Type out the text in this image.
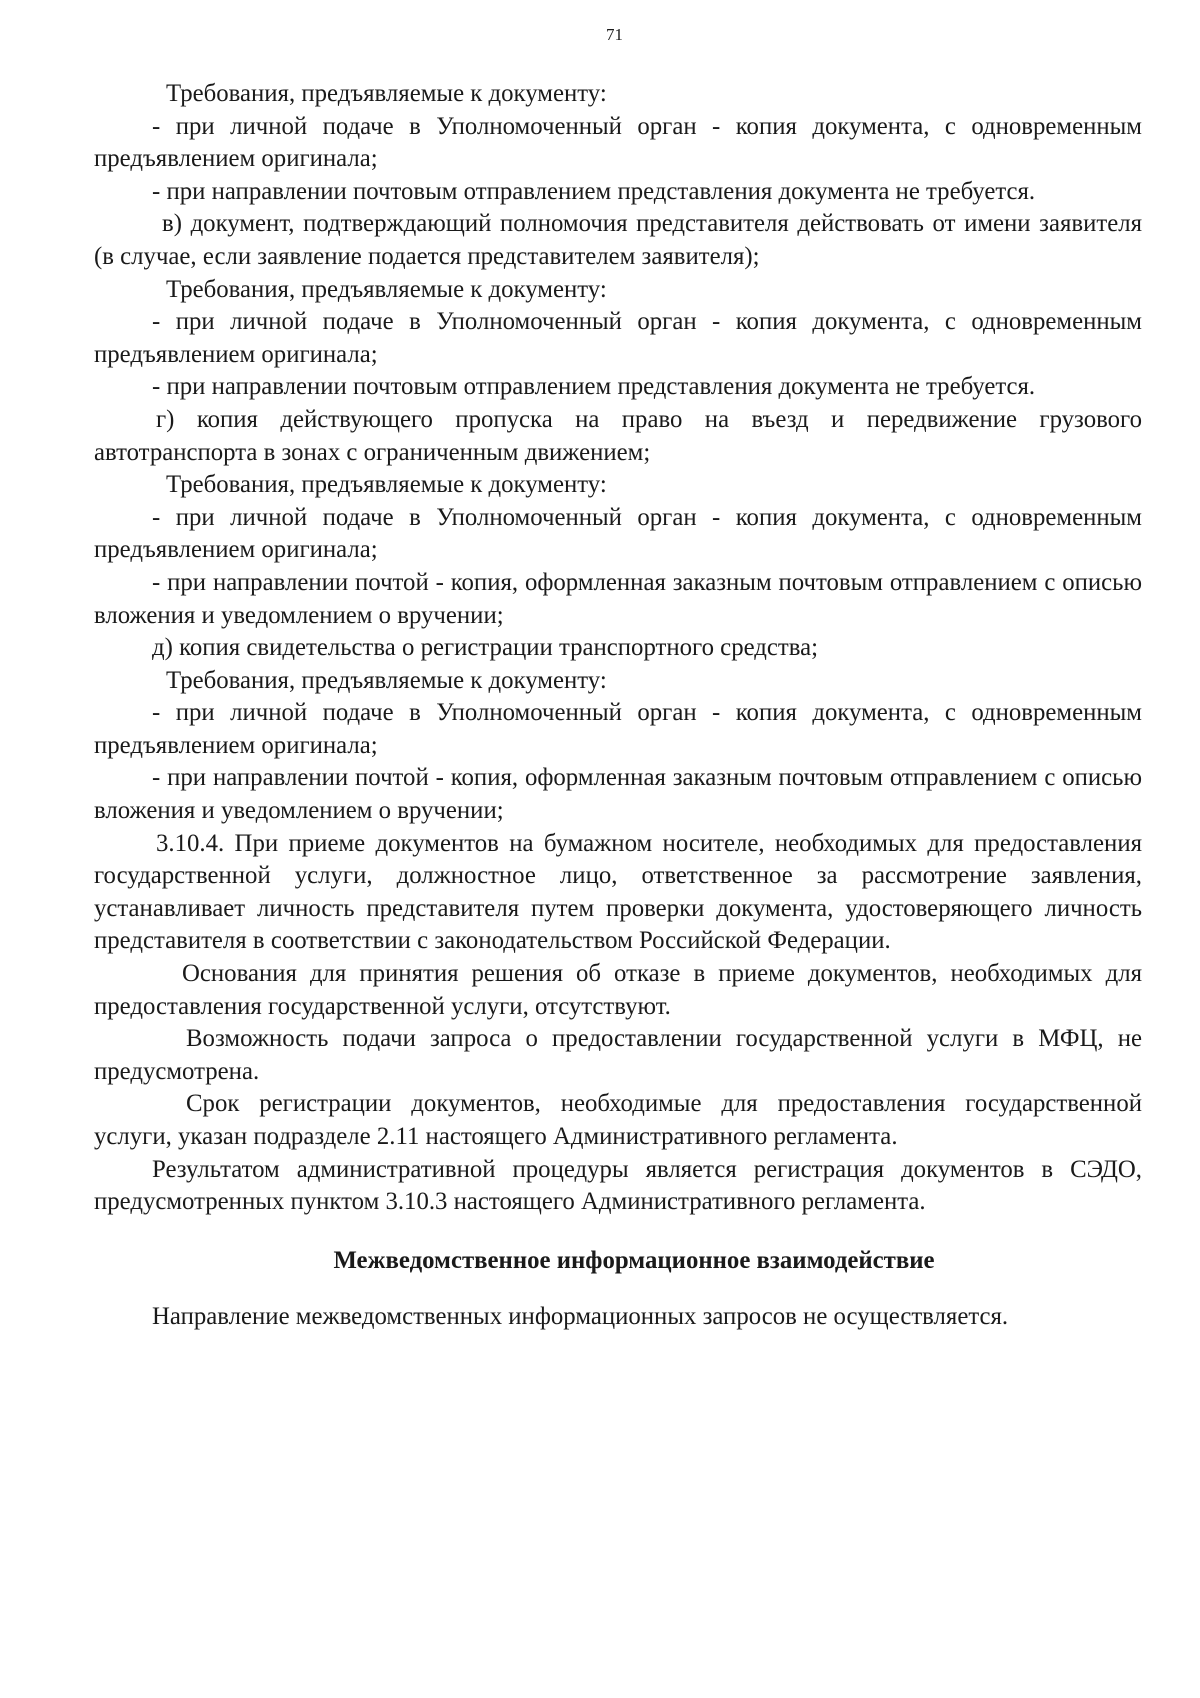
71

Требования, предъявляемые к документу:

- при личной подаче в Уполномоченный орган - копия документа, с одновременным предъявлением оригинала;

- при направлении почтовым отправлением представления документа не требуется.

в) документ, подтверждающий полномочия представителя действовать от имени заявителя (в случае, если заявление подается представителем заявителя);

Требования, предъявляемые к документу:

- при личной подаче в Уполномоченный орган - копия документа, с одновременным предъявлением оригинала;

- при направлении почтовым отправлением представления документа не требуется.

г) копия действующего пропуска на право на въезд и передвижение грузового автотранспорта в зонах с ограниченным движением;

Требования, предъявляемые к документу:

- при личной подаче в Уполномоченный орган - копия документа, с одновременным предъявлением оригинала;

- при направлении почтой - копия, оформленная заказным почтовым отправлением с описью вложения и уведомлением о вручении;

д) копия свидетельства о регистрации транспортного средства;

Требования, предъявляемые к документу:

- при личной подаче в Уполномоченный орган - копия документа, с одновременным предъявлением оригинала;

- при направлении почтой - копия, оформленная заказным почтовым отправлением с описью вложения и уведомлением о вручении;

3.10.4. При приеме документов на бумажном носителе, необходимых для предоставления государственной услуги, должностное лицо, ответственное за рассмотрение заявления, устанавливает личность представителя путем проверки документа, удостоверяющего личность представителя в соответствии с законодательством Российской Федерации.

Основания для принятия решения об отказе в приеме документов, необходимых для предоставления государственной услуги, отсутствуют.

Возможность подачи запроса о предоставлении государственной услуги в МФЦ, не предусмотрена.

Срок регистрации документов, необходимые для предоставления государственной услуги, указан подразделе 2.11 настоящего Административного регламента.

Результатом административной процедуры является регистрация документов в СЭДО, предусмотренных пунктом 3.10.3 настоящего Административного регламента.

Межведомственное информационное взаимодействие

Направление межведомственных информационных запросов не осуществляется.
